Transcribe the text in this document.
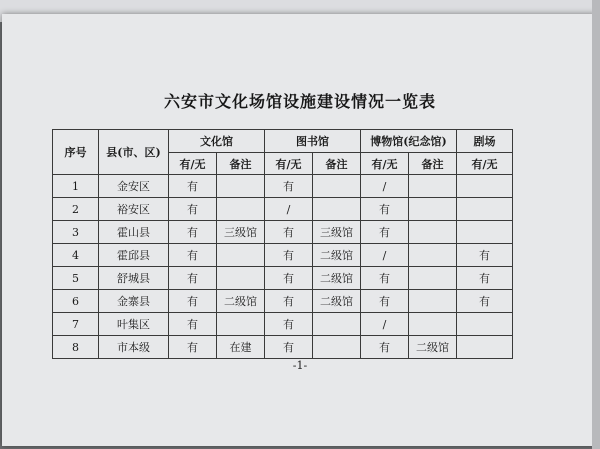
六安市文化场馆设施建设情况一览表
序号	县(市、区)	文化馆		图书馆		博物馆(纪念馆)		剧场
		有/无	备注	有/无	备注	有/无	备注	有/无
1	金安区	有		有		/		
2	裕安区	有		/		有		
3	霍山县	有	三级馆	有	三级馆	有		
4	霍邱县	有		有	二级馆	/		有
5	舒城县	有		有	二级馆	有		有
6	金寨县	有	二级馆	有	二级馆	有		有
7	叶集区	有		有		/		
8	市本级	有	在建	有		有	二级馆	
-1-
